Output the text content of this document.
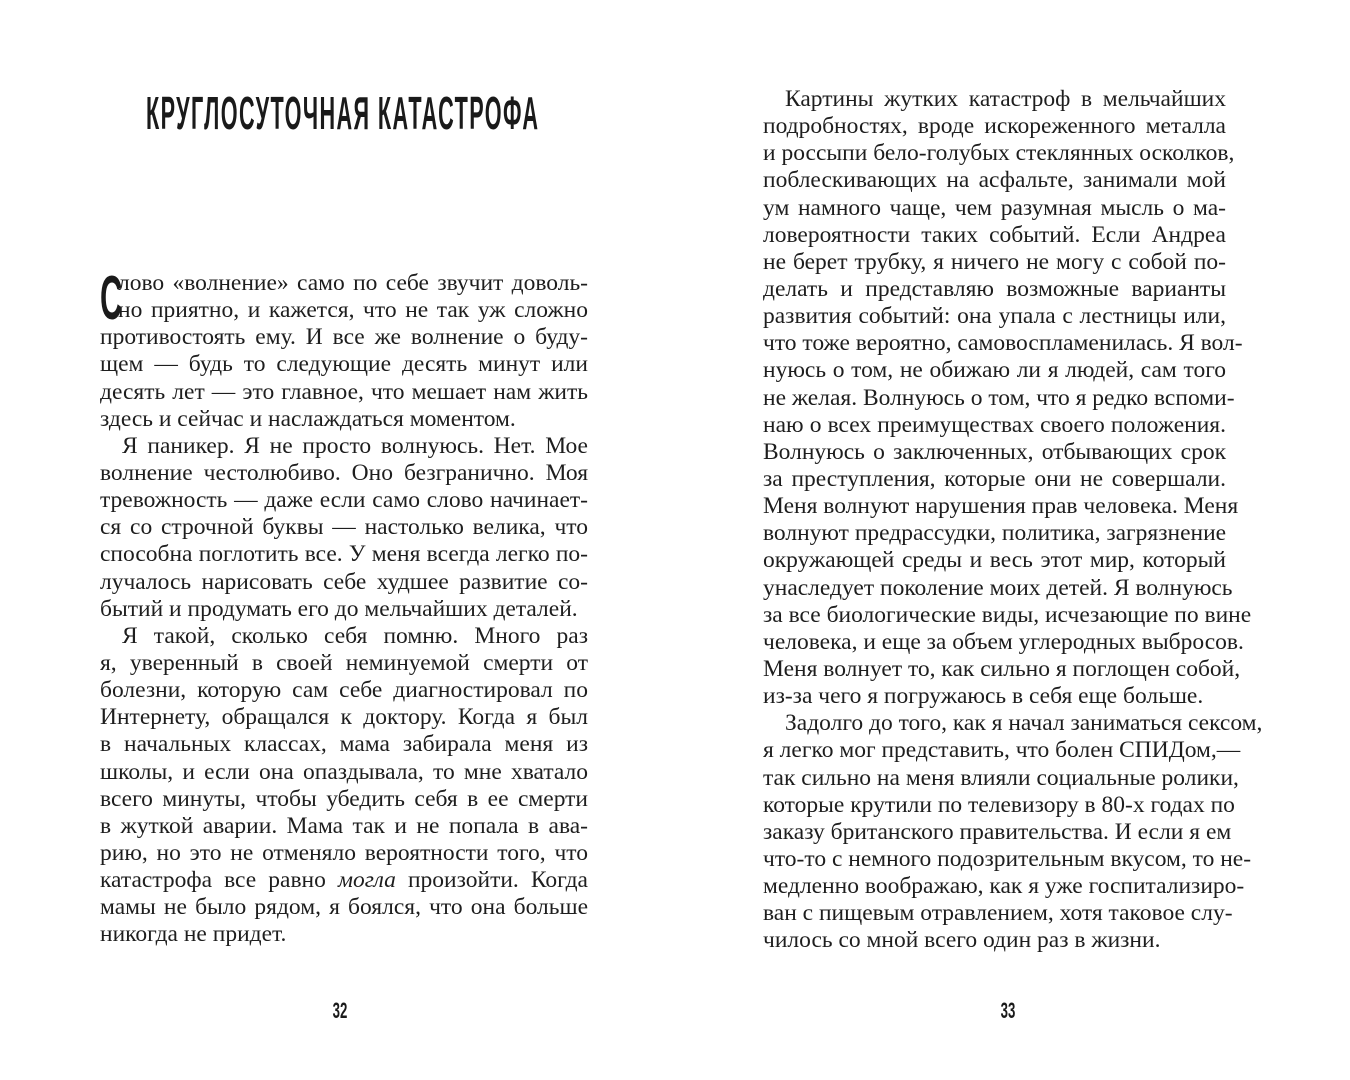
КРУГЛОСУТОЧНАЯ КАТАСТРОФА
С
лово «волнение» само по себе звучит доволь-
но приятно, и кажется, что не так уж сложно
противостоять ему. И все же волнение о буду-
щем — будь то следующие десять минут или
десять лет — это главное, что мешает нам жить
здесь и сейчас и наслаждаться моментом.
Я паникер. Я не просто волнуюсь. Нет. Мое
волнение честолюбиво. Оно безгранично. Моя
тревожность — даже если само слово начинает-
ся со строчной буквы — настолько велика, что
способна поглотить все. У меня всегда легко по-
лучалось нарисовать себе худшее развитие со-
бытий и продумать его до мельчайших деталей.
Я такой, сколько себя помню. Много раз
я, уверенный в своей неминуемой смерти от
болезни, которую сам себе диагностировал по
Интернету, обращался к доктору. Когда я был
в начальных классах, мама забирала меня из
школы, и если она опаздывала, то мне хватало
всего минуты, чтобы убедить себя в ее смерти
в жуткой аварии. Мама так и не попала в ава-
рию, но это не отменяло вероятности того, что
катастрофа все равно могла произойти. Когда
мамы не было рядом, я боялся, что она больше
никогда не придет.
32
Картины жутких катастроф в мельчайших
подробностях, вроде искореженного металла
и россыпи бело-голубых стеклянных осколков,
поблескивающих на асфальте, занимали мой
ум намного чаще, чем разумная мысль о ма-
ловероятности таких событий. Если Андреа
не берет трубку, я ничего не могу с собой по-
делать и представляю возможные варианты
развития событий: она упала с лестницы или,
что тоже вероятно, самовоспламенилась. Я вол-
нуюсь о том, не обижаю ли я людей, сам того
не желая. Волнуюсь о том, что я редко вспоми-
наю о всех преимуществах своего положения.
Волнуюсь о заключенных, отбывающих срок
за преступления, которые они не совершали.
Меня волнуют нарушения прав человека. Меня
волнуют предрассудки, политика, загрязнение
окружающей среды и весь этот мир, который
унаследует поколение моих детей. Я волнуюсь
за все биологические виды, исчезающие по вине
человека, и еще за объем углеродных выбросов.
Меня волнует то, как сильно я поглощен собой,
из-за чего я погружаюсь в себя еще больше.
Задолго до того, как я начал заниматься сексом,
я легко мог представить, что болен СПИДом,—
так сильно на меня влияли социальные ролики,
которые крутили по телевизору в 80-х годах по
заказу британского правительства. И если я ем
что-то с немного подозрительным вкусом, то не-
медленно воображаю, как я уже госпитализиро-
ван с пищевым отравлением, хотя таковое слу-
чилось со мной всего один раз в жизни.
33
